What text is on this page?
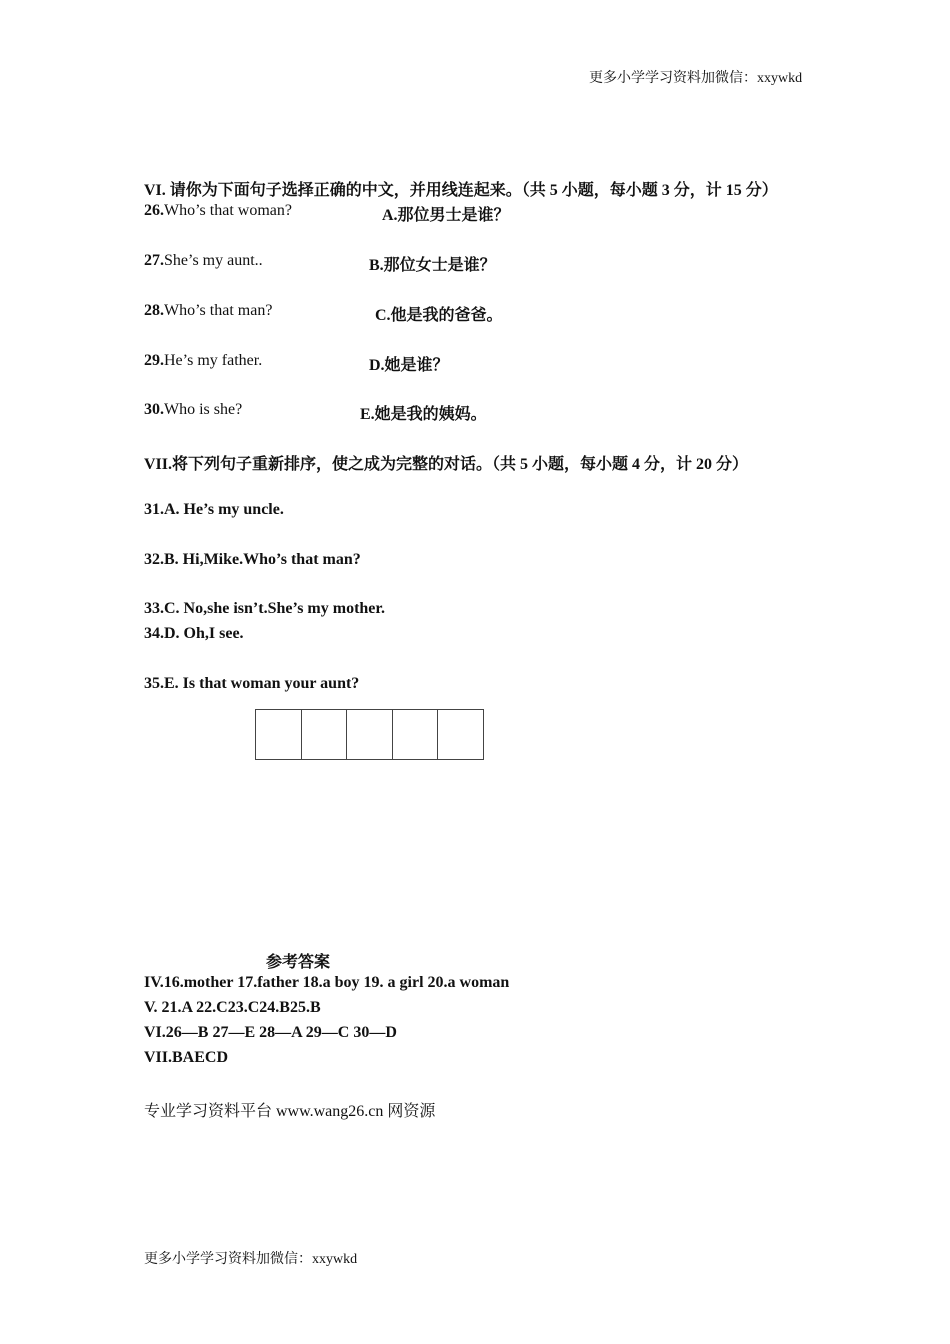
更多小学学习资料加微信：xxywkd
VI. 请你为下面句子选择正确的中文，并用线连起来。（共 5 小题，每小题 3 分，计 15 分）
26.Who’s that woman?	A.那位男士是谁？
27.She’s my aunt..	B.那位女士是谁？
28.Who’s that man?	C.他是我的爸爸。
29.He’s my father.	D.她是谁？
30.Who is she?	E.她是我的姨妈。
VII.将下列句子重新排序，使之成为完整的对话。（共 5 小题，每小题 4 分，计 20 分）
31.A. He’s my uncle.
32.B. Hi,Mike.Who’s that man?
33.C. No,she isn’t.She’s my mother.
34.D. Oh,I see.
35.E. Is that woman your aunt?
参考答案
IV.16.mother 17.father 18.a boy 19. a girl 20.a woman
V. 21.A 22.C23.C24.B25.B
VI.26—B 27—E 28—A 29—C 30—D
VII.BAECD
专业学习资料平台 www.wang26.cn 网资源
更多小学学习资料加微信：xxywkd
